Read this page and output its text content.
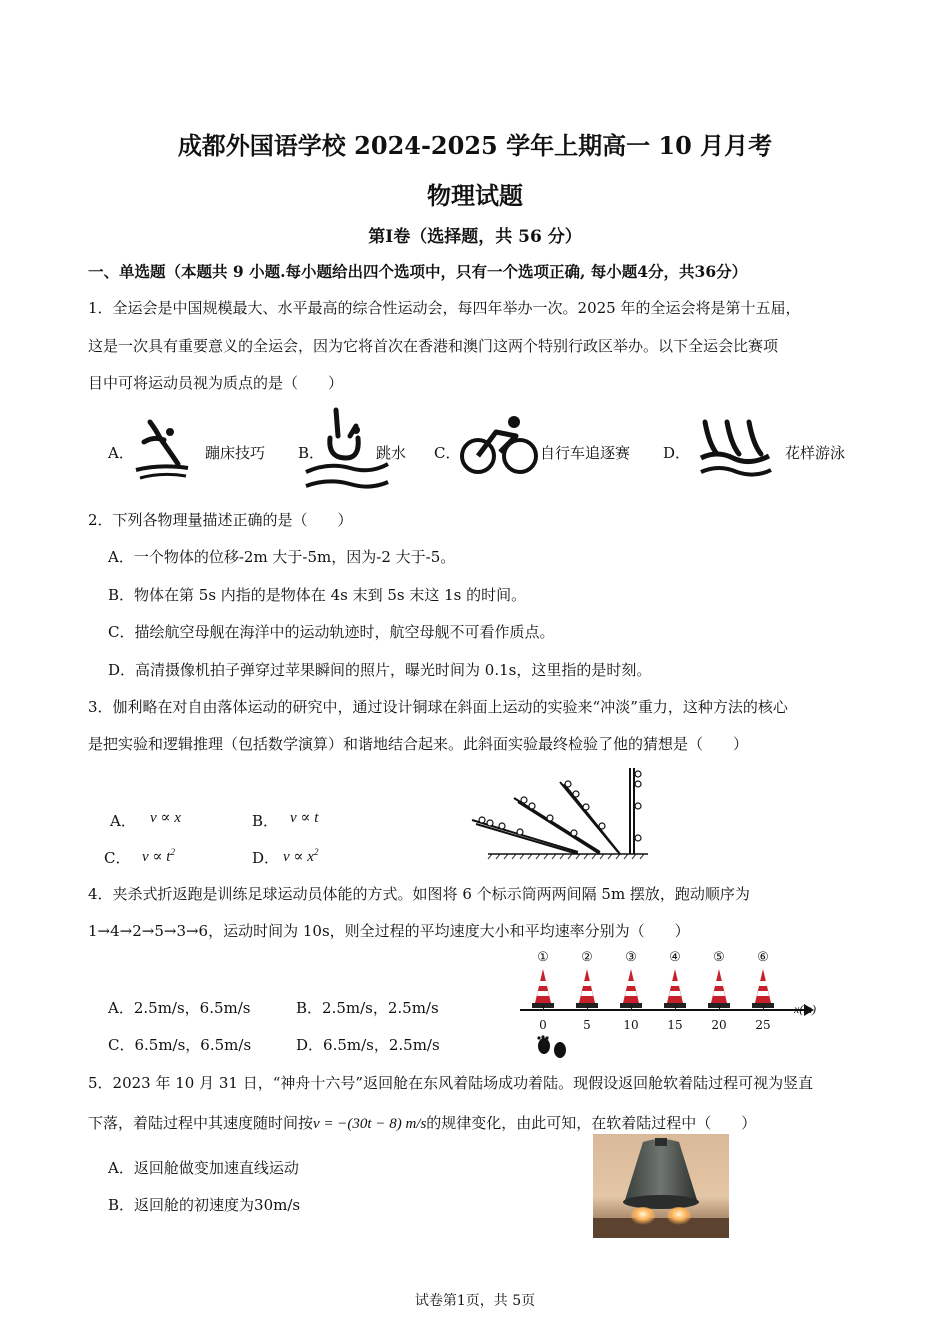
成都外国语学校 2024-2025 学年上期高一 10 月月考
物理试题
第Ⅰ卷（选择题，共 56 分）
一、单选题（本题共 9 小题.每小题给出四个选项中，只有一个选项正确, 每小题4分，共36分）
1．全运会是中国规模最大、水平最高的综合性运动会，每四年举办一次。2025 年的全运会将是第十五届，
这是一次具有重要意义的全运会，因为它将首次在香港和澳门这两个特别行政区举办。以下全运会比赛项
目中可将运动员视为质点的是（　　）
A．	蹦床技巧 B．	跳水 C．	自行车追逐赛 D．	花样游泳
2．下列各物理量描述正确的是（　　）
A．一个物体的位移-2m 大于-5m，因为-2 大于-5。
B．物体在第 5s 内指的是物体在 4s 末到 5s 末这 1s 的时间。
C．描绘航空母舰在海洋中的运动轨迹时，航空母舰不可看作质点。
D．高清摄像机拍子弹穿过苹果瞬间的照片，曝光时间为 0.1s，这里指的是时刻。
3．伽利略在对自由落体运动的研究中，通过设计铜球在斜面上运动的实验来“冲淡”重力，这种方法的核心
是把实验和逻辑推理（包括数学演算）和谐地结合起来。此斜面实验最终检验了他的猜想是（　　）
A． v ∝ x	B． v ∝ t
C． $v \propto t^2$	D． $v \propto x^2$
4．夹杀式折返跑是训练足球运动员体能的方式。如图将 6 个标示筒两两间隔 5m 摆放，跑动顺序为
1→4→2→5→3→6，运动时间为 10s，则全过程的平均速度大小和平均速率分别为（　　）
A．2.5m/s，6.5m/s	B．2.5m/s，2.5m/s
C．6.5m/s，6.5m/s	D．6.5m/s，2.5m/s
①
0
②
5
③
10
④
15
⑤
20
⑥
25
x(m)
5．2023 年 10 月 31 日，“神舟十六号”返回舱在东风着陆场成功着陆。现假设返回舱软着陆过程可视为竖直
下落，着陆过程中其速度随时间按v = −(30t − 8) m/s的规律变化，由此可知，在软着陆过程中（　　）
A．返回舱做变加速直线运动
B．返回舱的初速度为30m/s
试卷第1页，共 5页
